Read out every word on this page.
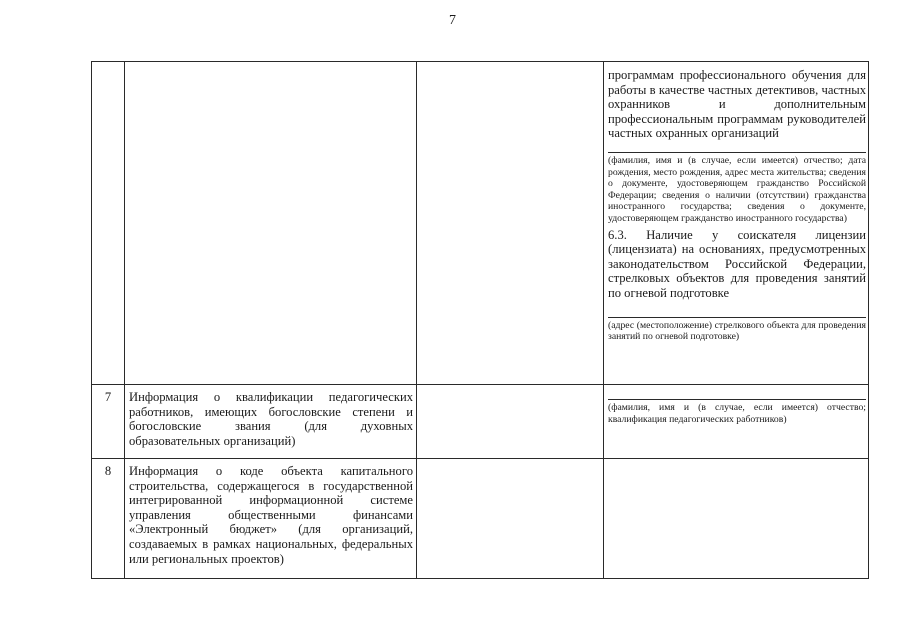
7

			программам профессионального обучения для работы в качестве частных детективов, частных охранников и дополнительным профессиональным программам руководителей частных охранных организаций
(фамилия, имя и (в случае, если имеется) отчество; дата рождения, место рождения, адрес места жительства; сведения о документе, удостоверяющем гражданство Российской Федерации; сведения о наличии (отсутствии) гражданства иностранного государства; сведения о документе, удостоверяющем гражданство иностранного государства)
6.3. Наличие у соискателя лицензии (лицензиата) на основаниях, предусмотренных законодательством Российской Федерации, стрелковых объектов для проведения занятий по огневой подготовке
(адрес (местоположение) стрелкового объекта для проведения занятий по огневой подготовке)

7	Информация о квалификации педагогических работников, имеющих богословские степени и богословские звания (для духовных образовательных организаций)		(фамилия, имя и (в случае, если имеется) отчество; квалификация педагогических работников)

8	Информация о коде объекта капитального строительства, содержащегося в государственной интегрированной информационной системе управления общественными финансами «Электронный бюджет» (для организаций, создаваемых в рамках национальных, федеральных или региональных проектов)		
